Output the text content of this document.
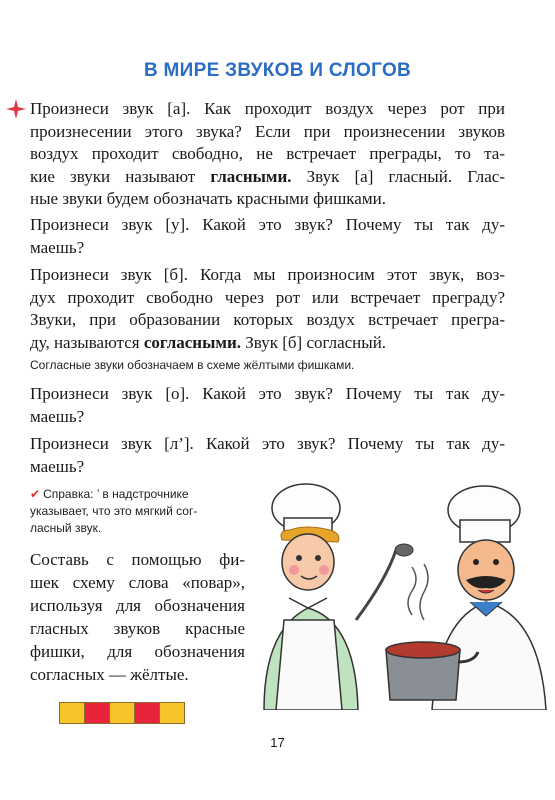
В МИРЕ ЗВУКОВ И СЛОГОВ
Произнеси звук [а]. Как проходит воздух через рот при
произнесении этого звука? Если при произнесении звуков
воздух проходит свободно, не встречает преграды, то та-
кие звуки называют гласными. Звук [а] гласный. Глас-
ные звуки будем обозначать красными фишками.
Произнеси звук [у]. Какой это звук? Почему ты так ду-
маешь?
Произнеси звук [б]. Когда мы произносим этот звук, воз-
дух проходит свободно через рот или встречает преграду?
Звуки, при образовании которых воздух встречает прегра-
ду, называются согласными. Звук [б] согласный.
Согласные звуки обозначаем в схеме жёлтыми фишками.
Произнеси звук [о]. Какой это звук? Почему ты так ду-
маешь?
Произнеси звук [л’]. Какой это звук? Почему ты так ду-
маешь?
✔ Справка: ’ в надстрочнике
указывает, что это мягкий сог-
ласный звук.
Составь с помощью фи-
шек схему слова «повар»,
используя для обозначения
гласных звуков красные
фишки, для обозначения
согласных — жёлтые.
17
